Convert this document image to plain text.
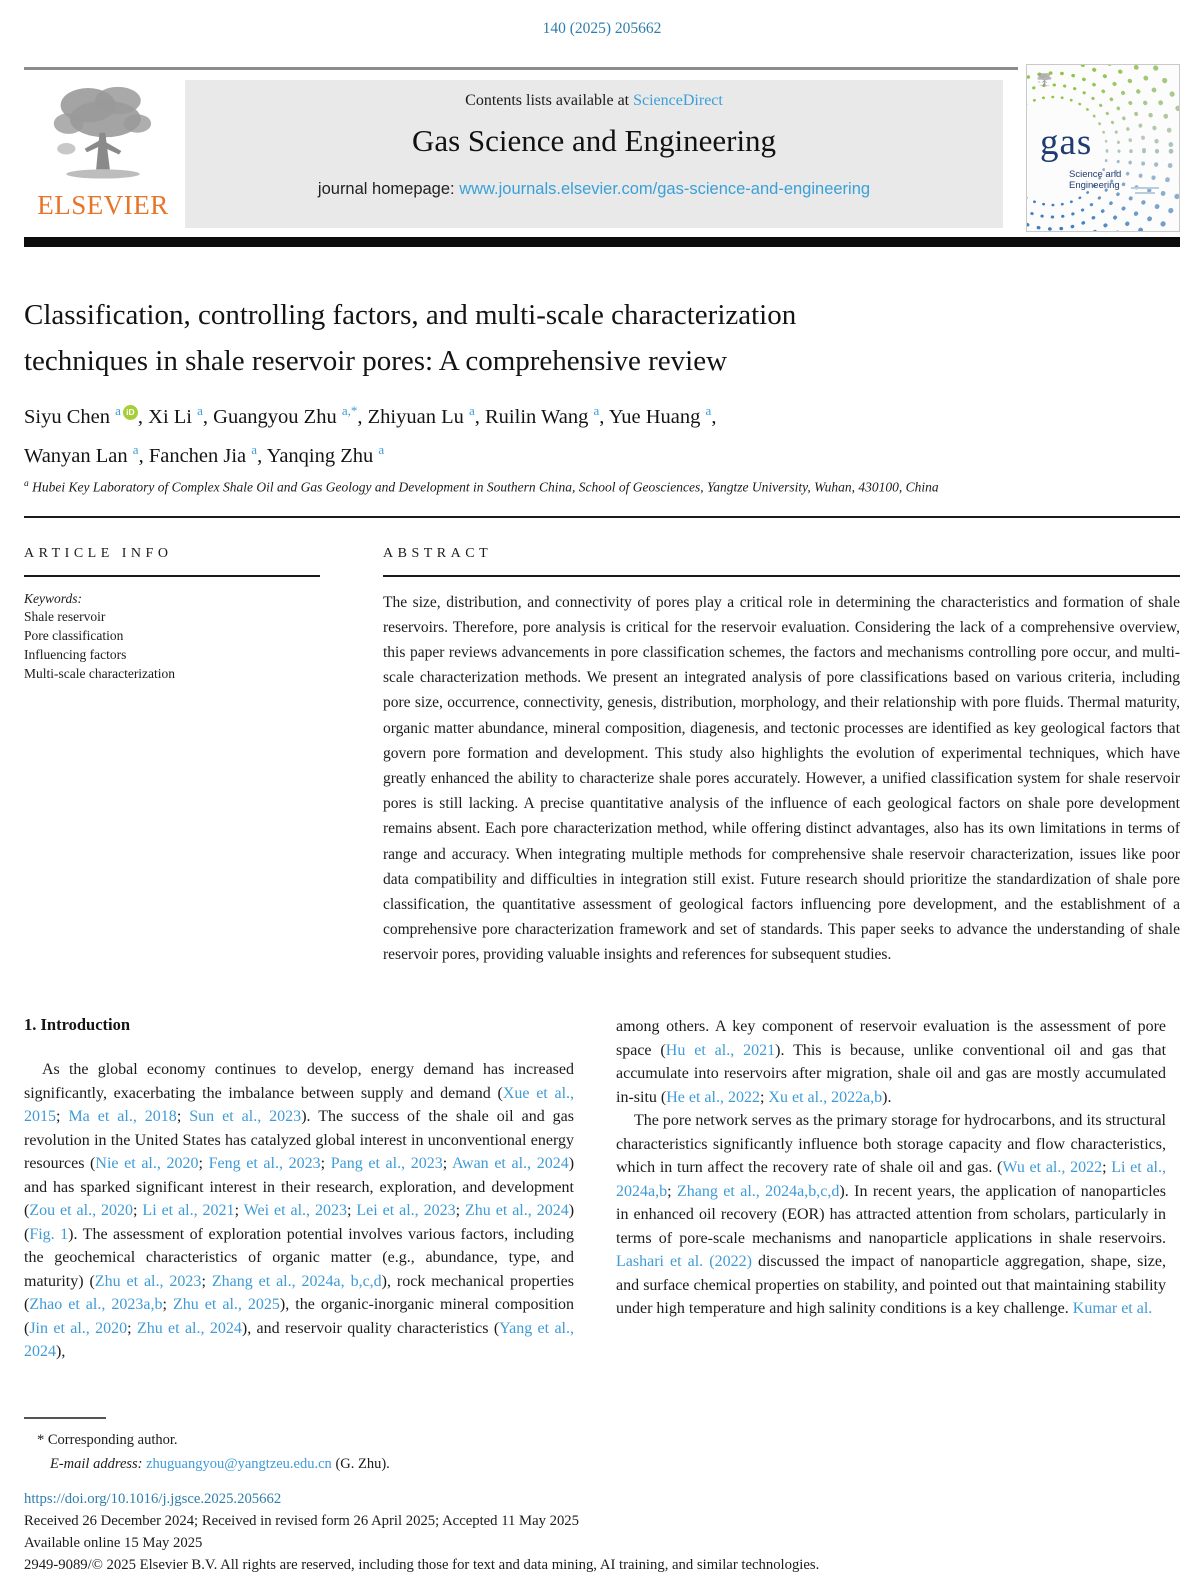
140 (2025) 205662
ELSEVIER
Contents lists available at ScienceDirect
Gas Science and Engineering
journal homepage: www.journals.elsevier.com/gas-science-and-engineering
gas
Science and
Engineering
Classification, controlling factors, and multi-scale characterization
techniques in shale reservoir pores: A comprehensive review
Siyu Chen $^a$ iD , Xi Li $^a$, Guangyou Zhu $^{a,*}$, Zhiyuan Lu $^a$, Ruilin Wang $^a$, Yue Huang $^a$,
Wanyan Lan $^a$, Fanchen Jia $^a$, Yanqing Zhu $^a$
$^a$ Hubei Key Laboratory of Complex Shale Oil and Gas Geology and Development in Southern China, School of Geosciences, Yangtze University, Wuhan, 430100, China
ARTICLE INFO
Keywords:
Shale reservoir
Pore classification
Influencing factors
Multi-scale characterization
ABSTRACT
The size, distribution, and connectivity of pores play a critical role in determining the characteristics and formation of shale reservoirs. Therefore, pore analysis is critical for the reservoir evaluation. Considering the lack of a comprehensive overview, this paper reviews advancements in pore classification schemes, the factors and mechanisms controlling pore occur, and multi-scale characterization methods. We present an integrated analysis of pore classifications based on various criteria, including pore size, occurrence, connectivity, genesis, distribution, morphology, and their relationship with pore fluids. Thermal maturity, organic matter abundance, mineral composition, diagenesis, and tectonic processes are identified as key geological factors that govern pore formation and development. This study also highlights the evolution of experimental techniques, which have greatly enhanced the ability to characterize shale pores accurately. However, a unified classification system for shale reservoir pores is still lacking. A precise quantitative analysis of the influence of each geological factors on shale pore development remains absent. Each pore characterization method, while offering distinct advantages, also has its own limitations in terms of range and accuracy. When integrating multiple methods for comprehensive shale reservoir characterization, issues like poor data compatibility and difficulties in integration still exist. Future research should prioritize the standardization of shale pore classification, the quantitative assessment of geological factors influencing pore development, and the establishment of a comprehensive pore characterization framework and set of standards. This paper seeks to advance the understanding of shale reservoir pores, providing valuable insights and references for subsequent studies.
1. Introduction
As the global economy continues to develop, energy demand has increased significantly, exacerbating the imbalance between supply and demand (Xue et al., 2015; Ma et al., 2018; Sun et al., 2023). The success of the shale oil and gas revolution in the United States has catalyzed global interest in unconventional energy resources (Nie et al., 2020; Feng et al., 2023; Pang et al., 2023; Awan et al., 2024) and has sparked significant interest in their research, exploration, and development (Zou et al., 2020; Li et al., 2021; Wei et al., 2023; Lei et al., 2023; Zhu et al., 2024) (Fig. 1). The assessment of exploration potential involves various factors, including the geochemical characteristics of organic matter (e.g., abundance, type, and maturity) (Zhu et al., 2023; Zhang et al., 2024a, b,c,d), rock mechanical properties (Zhao et al., 2023a,b; Zhu et al., 2025), the organic-inorganic mineral composition (Jin et al., 2020; Zhu et al., 2024), and reservoir quality characteristics (Yang et al., 2024),
among others. A key component of reservoir evaluation is the assessment of pore space (Hu et al., 2021). This is because, unlike conventional oil and gas that accumulate into reservoirs after migration, shale oil and gas are mostly accumulated in-situ (He et al., 2022; Xu et al., 2022a,b).
The pore network serves as the primary storage for hydrocarbons, and its structural characteristics significantly influence both storage capacity and flow characteristics, which in turn affect the recovery rate of shale oil and gas. (Wu et al., 2022; Li et al., 2024a,b; Zhang et al., 2024a,b,c,d). In recent years, the application of nanoparticles in enhanced oil recovery (EOR) has attracted attention from scholars, particularly in terms of pore-scale mechanisms and nanoparticle applications in shale reservoirs. Lashari et al. (2022) discussed the impact of nanoparticle aggregation, shape, size, and surface chemical properties on stability, and pointed out that maintaining stability under high temperature and high salinity conditions is a key challenge. Kumar et al.
* Corresponding author.
E-mail address: zhuguangyou@yangtzeu.edu.cn (G. Zhu).
https://doi.org/10.1016/j.jgsce.2025.205662
Received 26 December 2024; Received in revised form 26 April 2025; Accepted 11 May 2025
Available online 15 May 2025
2949-9089/© 2025 Elsevier B.V. All rights are reserved, including those for text and data mining, AI training, and similar technologies.
